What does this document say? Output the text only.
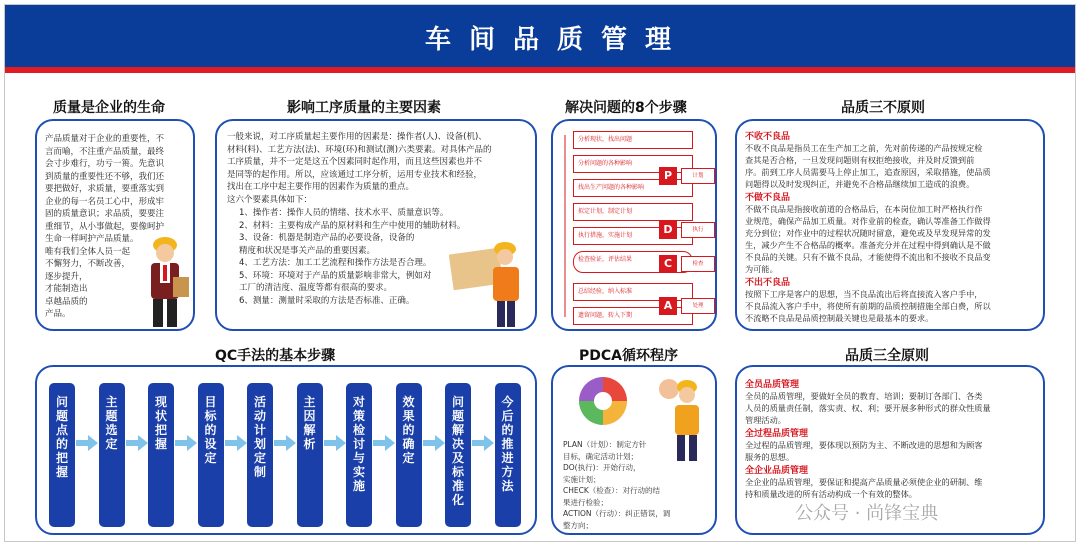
车间品质管理
质量是企业的生命
产品质量对于企业的重要性，不
言而喻，不注重产品质量，最终
会寸步难行，功亏一篑。先意识
到质量的重要性还不够，我们还
要把做好，求质量，要重落实到
企业的每一名员工心中，形成牢
固的质量意识；求品质，要要注
重细节，从小事做起，要像呵护
生命一样呵护产品质量。
唯有我们全体人员一起
不懈努力，不断改善，
逐步提升，
才能制造出
卓越品质的
产品。
影响工序质量的主要因素
一般来说，对工序质量起主要作用的因素是：操作者(人)、设备(机)、
材料(料)、工艺方法(法)、环境(环)和测试(测)六类要素。对具体产品的
工序质量，并不一定是这五个因素同时起作用，而且这些因素也并不
是同等的起作用。所以，应该通过工序分析，运用专业技术和经验，
找出在工序中起主要作用的因素作为质量的重点。
这六个要素具体如下：
1、操作者：操作人员的情绪、技术水平、质量意识等。
2、材料：主要构成产品的原材料和生产中使用的辅助材料。
3、设备：机器是制造产品的必要设备，设备的
精度和状况是事关产品的重要因素。
4、工艺方法：加工工艺流程和操作方法是否合理。
5、环境：环境对于产品的质量影响非常大，例如对
工厂的清洁度、温度等都有很高的要求。
6、测量：测量时采取的方法是否标准、正确。
解决问题的8个步骤
分析现状，找出问题
分析问题的各种影响
找出生产问题的各种影响
拟定计划，制定计划
执行措施，实施计划
检查验证，评估结果
总结经验，纳入标准
遗留问题，转入下期
P	计划
D	执行
C	检查
A	处理
品质三不原则
不收不良品
不收不良品是指员工在生产加工之前，先对前传递的产品按规定检
查其是否合格，一旦发现问题则有权拒绝接收，并及时反馈到前
序。前到工序人员需要马上停止加工，追查原因，采取措施，使品质
问题得以及时发现纠正，并避免不合格品继续加工造成的浪费。
不做不良品
不做不良品是指接收前道的合格品后，在本岗位加工时严格执行作
业规范，确保产品加工质量。对作业前的检查，确认等准备工作做得
充分到位；对作业中的过程状况随时留意，避免或及早发现异常的发
生，减少产生不合格品的概率。准备充分并在过程中得到确认是不做
不良品的关键。只有不做不良品，才能使得不流出和不接收不良品变
为可能。
不出不良品
按照下工序是客户的思想，当不良品流出后将直接流入客户手中，
不良品流入客户手中，将使所有前期的品质控制措施全部白费，所以
不流略不良品是品质控制最关键也是最基本的要求。
QC手法的基本步骤
问
题
点
的
把
握
主
题
选
定
现
状
把
握
目
标
的
设
定
活
动
计
划
定
制
主
因
解
析
对
策
检
讨
与
实
施
效
果
的
确
定
问
题
解
决
及
标
准
化
今
后
的
推
进
方
法
PDCA循环程序
PLAN（计划）：制定方针
目标，确定活动计划；
DO(执行)：开始行动，
实施计划；
CHECK（检查）：对行动的结
果进行检验；
ACTION（行动）：纠正错误，调
整方向；
品质三全原则
全员品质管理
全员的品质管理，要做好全员的教育、培训；要制订各部门、各类
人员的质量责任制，落实责、权、利；要开展多种形式的群众性质量
管理活动。
全过程品质管理
全过程的品质管理，要体现以预防为主、不断改进的思想和为顾客
服务的思想。
全企业品质管理
全企业的品质管理，要保证和提高产品质量必须使企业的研制、维
持和质量改进的所有活动构成一个有效的整体。
公众号 · 尚锋宝典
